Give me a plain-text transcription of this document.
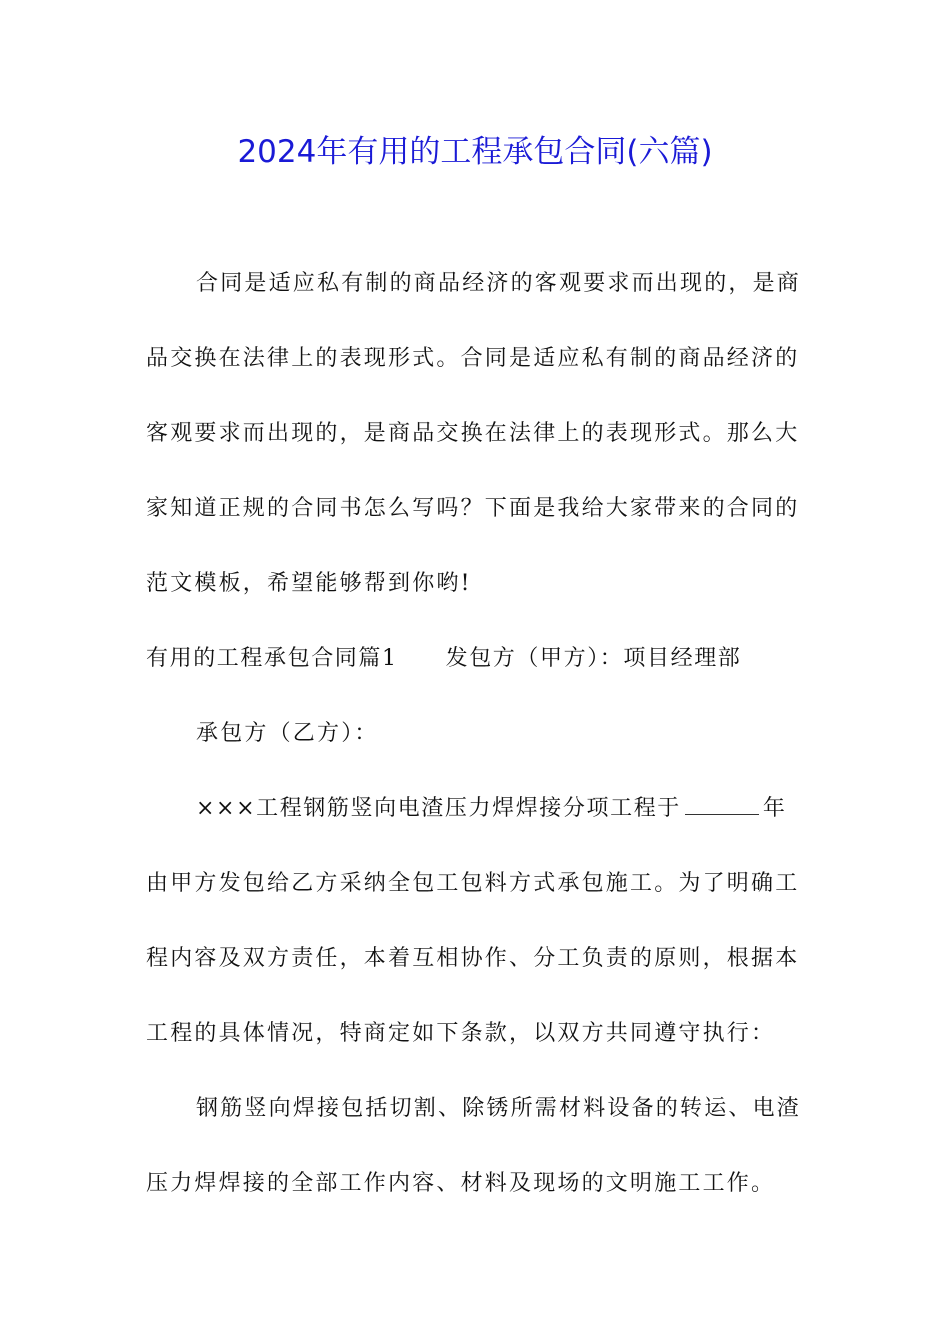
2024年有用的工程承包合同(六篇)

合同是适应私有制的商品经济的客观要求而出现的，是商

品交换在法律上的表现形式。合同是适应私有制的商品经济的

客观要求而出现的，是商品交换在法律上的表现形式。那么大

家知道正规的合同书怎么写吗？下面是我给大家带来的合同的

范文模板，希望能够帮到你哟!

有用的工程承包合同篇1 发包方（甲方）：项目经理部

承包方（乙方）：

×××工程钢筋竖向电渣压力焊焊接分项工程于	年

由甲方发包给乙方采纳全包工包料方式承包施工。为了明确工

程内容及双方责任，本着互相协作、分工负责的原则，根据本

工程的具体情况，特商定如下条款，以双方共同遵守执行：

钢筋竖向焊接包括切割、除锈所需材料设备的转运、电渣

压力焊焊接的全部工作内容、材料及现场的文明施工工作。
